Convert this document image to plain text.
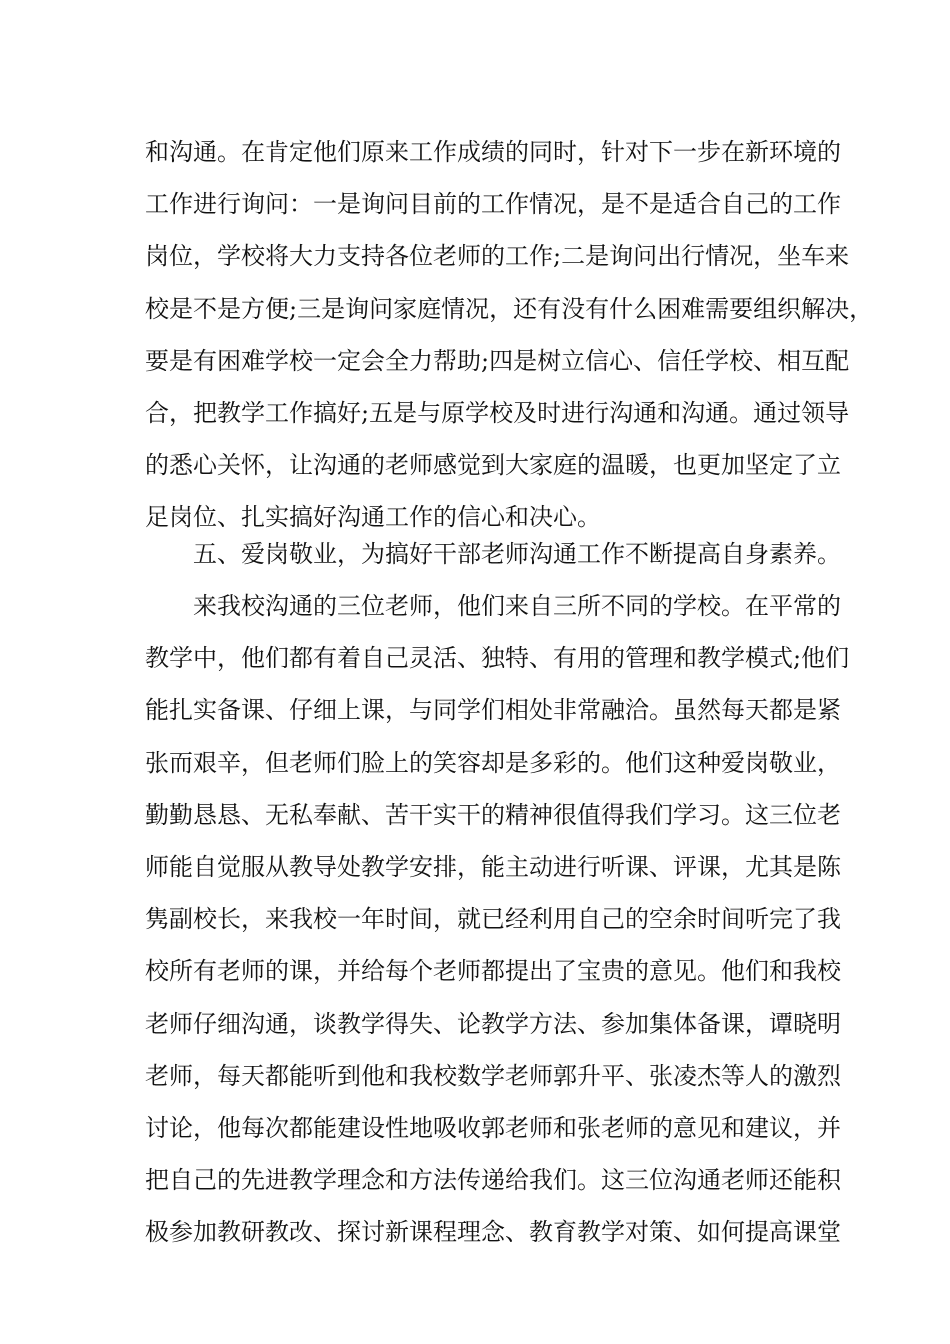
和沟通。在肯定他们原来工作成绩的同时，针对下一步在新环境的
工作进行询问：一是询问目前的工作情况，是不是适合自己的工作
岗位，学校将大力支持各位老师的工作;二是询问出行情况，坐车来
校是不是方便;三是询问家庭情况，还有没有什么困难需要组织解决，
要是有困难学校一定会全力帮助;四是树立信心、信任学校、相互配
合，把教学工作搞好;五是与原学校及时进行沟通和沟通。通过领导
的悉心关怀，让沟通的老师感觉到大家庭的温暖，也更加坚定了立
足岗位、扎实搞好沟通工作的信心和决心。
五、爱岗敬业，为搞好干部老师沟通工作不断提高自身素养。
来我校沟通的三位老师，他们来自三所不同的学校。在平常的
教学中，他们都有着自己灵活、独特、有用的管理和教学模式;他们
能扎实备课、仔细上课，与同学们相处非常融洽。虽然每天都是紧
张而艰辛，但老师们脸上的笑容却是多彩的。他们这种爱岗敬业，
勤勤恳恳、无私奉献、苦干实干的精神很值得我们学习。这三位老
师能自觉服从教导处教学安排，能主动进行听课、评课，尤其是陈
隽副校长，来我校一年时间，就已经利用自己的空余时间听完了我
校所有老师的课，并给每个老师都提出了宝贵的意见。他们和我校
老师仔细沟通，谈教学得失、论教学方法、参加集体备课，谭晓明
老师，每天都能听到他和我校数学老师郭升平、张凌杰等人的激烈
讨论，他每次都能建设性地吸收郭老师和张老师的意见和建议，并
把自己的先进教学理念和方法传递给我们。这三位沟通老师还能积
极参加教研教改、探讨新课程理念、教育教学对策、如何提高课堂
